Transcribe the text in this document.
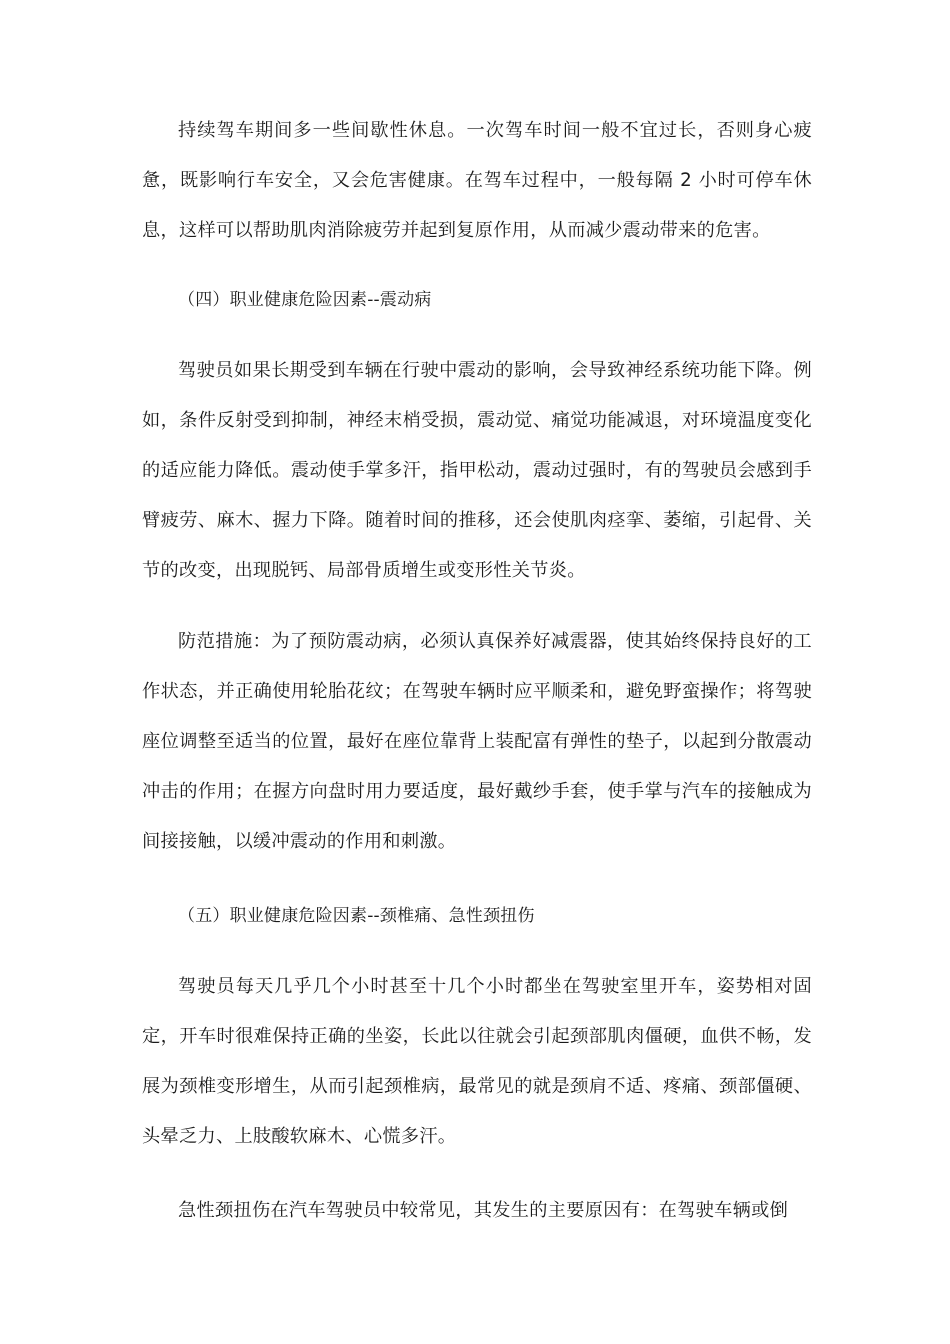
持续驾车期间多一些间歇性休息。一次驾车时间一般不宜过长，否则身心疲惫，既影响行车安全，又会危害健康。在驾车过程中，一般每隔 2 小时可停车休息，这样可以帮助肌肉消除疲劳并起到复原作用，从而减少震动带来的危害。

（四）职业健康危险因素--震动病

驾驶员如果长期受到车辆在行驶中震动的影响，会导致神经系统功能下降。例如，条件反射受到抑制，神经末梢受损，震动觉、痛觉功能减退，对环境温度变化的适应能力降低。震动使手掌多汗，指甲松动，震动过强时，有的驾驶员会感到手臂疲劳、麻木、握力下降。随着时间的推移，还会使肌肉痉挛、萎缩，引起骨、关节的改变，出现脱钙、局部骨质增生或变形性关节炎。

防范措施：为了预防震动病，必须认真保养好减震器，使其始终保持良好的工作状态，并正确使用轮胎花纹；在驾驶车辆时应平顺柔和，避免野蛮操作；将驾驶座位调整至适当的位置，最好在座位靠背上装配富有弹性的垫子，以起到分散震动冲击的作用；在握方向盘时用力要适度，最好戴纱手套，使手掌与汽车的接触成为间接接触，以缓冲震动的作用和刺激。

（五）职业健康危险因素--颈椎痛、急性颈扭伤

驾驶员每天几乎几个小时甚至十几个小时都坐在驾驶室里开车，姿势相对固定，开车时很难保持正确的坐姿，长此以往就会引起颈部肌肉僵硬，血供不畅，发展为颈椎变形增生，从而引起颈椎病，最常见的就是颈肩不适、疼痛、颈部僵硬、头晕乏力、上肢酸软麻木、心慌多汗。

急性颈扭伤在汽车驾驶员中较常见，其发生的主要原因有：在驾驶车辆或倒
